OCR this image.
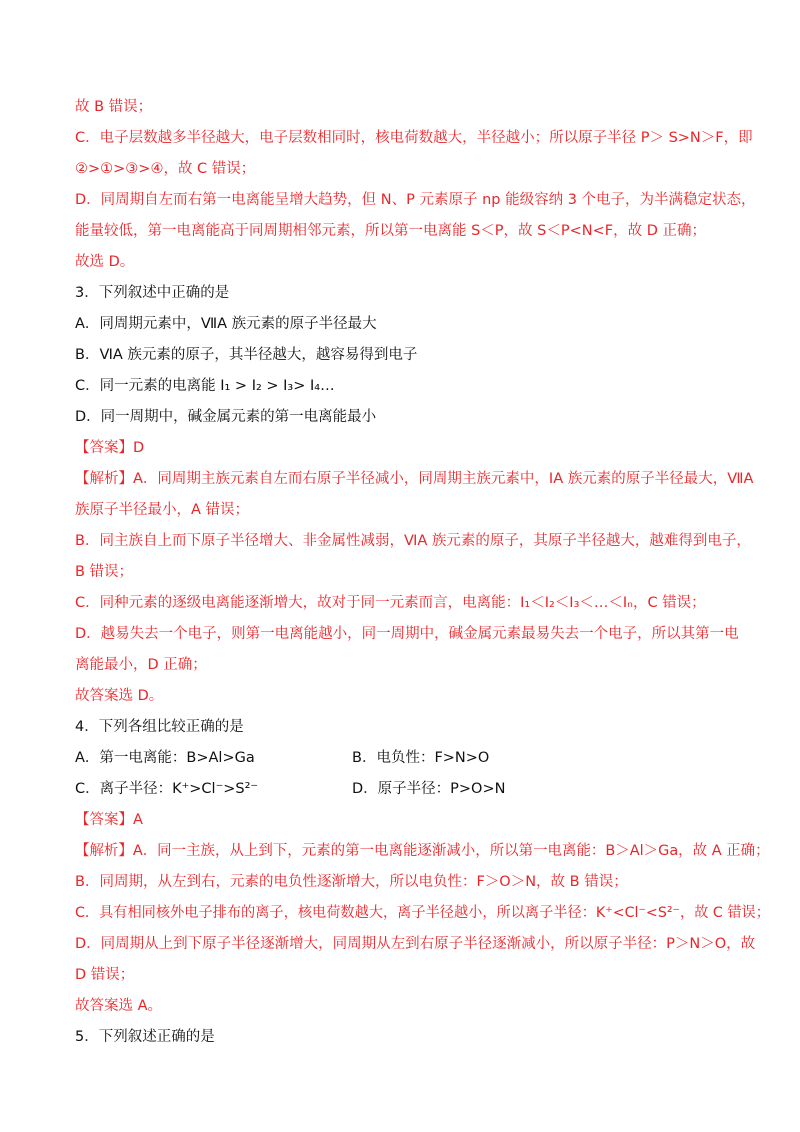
故 B 错误；
C．电子层数越多半径越大，电子层数相同时，核电荷数越大，半径越小；所以原子半径 P＞ S>N＞F，即
②>①>③>④，故 C 错误；
D．同周期自左而右第一电离能呈增大趋势，但 N、P 元素原子 np 能级容纳 3 个电子，为半满稳定状态，
能量较低，第一电离能高于同周期相邻元素，所以第一电离能 S＜P，故 S＜P<N<F，故 D 正确；
故选 D。
3．下列叙述中正确的是
A．同周期元素中，ⅦA 族元素的原子半径最大
B．ⅥA 族元素的原子，其半径越大，越容易得到电子
C．同一元素的电离能 I₁ > I₂ > I₃> I₄…
D．同一周期中，碱金属元素的第一电离能最小
【答案】D
【解析】A．同周期主族元素自左而右原子半径减小，同周期主族元素中，IA 族元素的原子半径最大，ⅦA
族原子半径最小，A 错误；
B．同主族自上而下原子半径增大、非金属性减弱，ⅥA 族元素的原子，其原子半径越大，越难得到电子，
B 错误；
C．同种元素的逐级电离能逐渐增大，故对于同一元素而言，电离能：I₁＜I₂＜I₃＜…＜Iₙ，C 错误；
D．越易失去一个电子，则第一电离能越小，同一周期中，碱金属元素最易失去一个电子，所以其第一电
离能最小，D 正确；
故答案选 D。
4．下列各组比较正确的是
A．第一电离能：B>Al>Ga	B．电负性：F>N>O
C．离子半径：K⁺>Cl⁻>S²⁻	D．原子半径：P>O>N
【答案】A
【解析】A．同一主族，从上到下，元素的第一电离能逐渐减小，所以第一电离能：B＞Al＞Ga，故 A 正确；
B．同周期，从左到右，元素的电负性逐渐增大，所以电负性：F＞O＞N，故 B 错误；
C．具有相同核外电子排布的离子，核电荷数越大，离子半径越小，所以离子半径：K⁺<Cl⁻<S²⁻，故 C 错误；
D．同周期从上到下原子半径逐渐增大，同周期从左到右原子半径逐渐减小，所以原子半径：P＞N＞O，故
D 错误；
故答案选 A。
5．下列叙述正确的是
